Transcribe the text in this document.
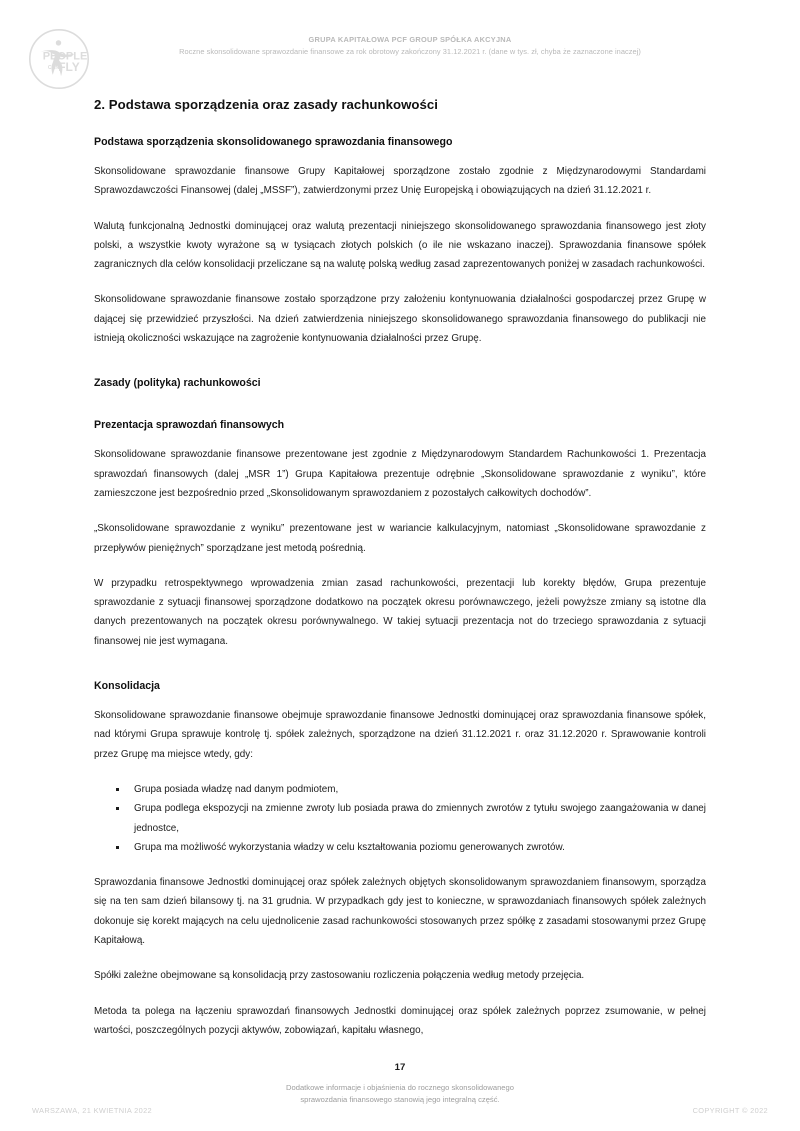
PEOPLE
CAN FLY
GRUPA KAPITAŁOWA PCF GROUP SPÓŁKA AKCYJNA
Roczne skonsolidowane sprawozdanie finansowe za rok obrotowy zakończony 31.12.2021 r. (dane w tys. zł, chyba że zaznaczone inaczej)
2. Podstawa sporządzenia oraz zasady rachunkowości
Podstawa sporządzenia skonsolidowanego sprawozdania finansowego

Skonsolidowane sprawozdanie finansowe Grupy Kapitałowej sporządzone zostało zgodnie z Międzynarodowymi Standardami Sprawozdawczości Finansowej (dalej „MSSF”), zatwierdzonymi przez Unię Europejską i obowiązujących na dzień 31.12.2021 r.

Walutą funkcjonalną Jednostki dominującej oraz walutą prezentacji niniejszego skonsolidowanego sprawozdania finansowego jest złoty polski, a wszystkie kwoty wyrażone są w tysiącach złotych polskich (o ile nie wskazano inaczej). Sprawozdania finansowe spółek zagranicznych dla celów konsolidacji przeliczane są na walutę polską według zasad zaprezentowanych poniżej w zasadach rachunkowości.

Skonsolidowane sprawozdanie finansowe zostało sporządzone przy założeniu kontynuowania działalności gospodarczej przez Grupę w dającej się przewidzieć przyszłości. Na dzień zatwierdzenia niniejszego skonsolidowanego sprawozdania finansowego do publikacji nie istnieją okoliczności wskazujące na zagrożenie kontynuowania działalności przez Grupę.

Zasady (polityka) rachunkowości
Prezentacja sprawozdań finansowych

Skonsolidowane sprawozdanie finansowe prezentowane jest zgodnie z Międzynarodowym Standardem Rachunkowości 1. Prezentacja sprawozdań finansowych (dalej „MSR 1”) Grupa Kapitałowa prezentuje odrębnie „Skonsolidowane sprawozdanie z wyniku”, które zamieszczone jest bezpośrednio przed „Skonsolidowanym sprawozdaniem z pozostałych całkowitych dochodów”.

„Skonsolidowane sprawozdanie z wyniku” prezentowane jest w wariancie kalkulacyjnym, natomiast „Skonsolidowane sprawozdanie z przepływów pieniężnych” sporządzane jest metodą pośrednią.

W przypadku retrospektywnego wprowadzenia zmian zasad rachunkowości, prezentacji lub korekty błędów, Grupa prezentuje sprawozdanie z sytuacji finansowej sporządzone dodatkowo na początek okresu porównawczego, jeżeli powyższe zmiany są istotne dla danych prezentowanych na początek okresu porównywalnego. W takiej sytuacji prezentacja not do trzeciego sprawozdania z sytuacji finansowej nie jest wymagana.

Konsolidacja

Skonsolidowane sprawozdanie finansowe obejmuje sprawozdanie finansowe Jednostki dominującej oraz sprawozdania finansowe spółek, nad którymi Grupa sprawuje kontrolę tj. spółek zależnych, sporządzone na dzień 31.12.2021 r. oraz 31.12.2020 r. Sprawowanie kontroli przez Grupę ma miejsce wtedy, gdy:

Grupa posiada władzę nad danym podmiotem,
Grupa podlega ekspozycji na zmienne zwroty lub posiada prawa do zmiennych zwrotów z tytułu swojego zaangażowania w danej jednostce,
Grupa ma możliwość wykorzystania władzy w celu kształtowania poziomu generowanych zwrotów.

Sprawozdania finansowe Jednostki dominującej oraz spółek zależnych objętych skonsolidowanym sprawozdaniem finansowym, sporządza się na ten sam dzień bilansowy tj. na 31 grudnia. W przypadkach gdy jest to konieczne, w sprawozdaniach finansowych spółek zależnych dokonuje się korekt mających na celu ujednolicenie zasad rachunkowości stosowanych przez spółkę z zasadami stosowanymi przez Grupę Kapitałową.

Spółki zależne obejmowane są konsolidacją przy zastosowaniu rozliczenia połączenia według metody przejęcia.

Metoda ta polega na łączeniu sprawozdań finansowych Jednostki dominującej oraz spółek zależnych poprzez zsumowanie, w pełnej wartości, poszczególnych pozycji aktywów, zobowiązań, kapitału własnego,

17
Dodatkowe informacje i objaśnienia do rocznego skonsolidowanego
sprawozdania finansowego stanowią jego integralną część.
WARSZAWA, 21 KWIETNIA 2022	COPYRIGHT © 2022
